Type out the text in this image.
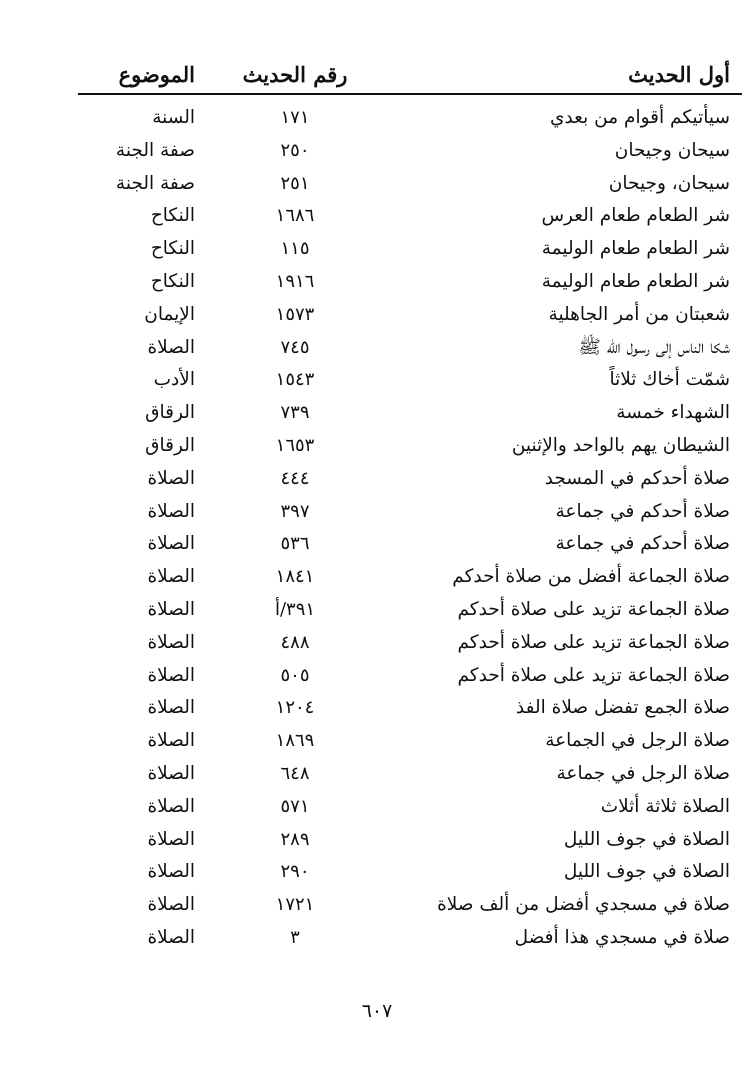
أول الحديث
رقم الحديث
الموضوع
سيأتيكم أقوام من بعدي
١٧١
السنة
سيحان وجيحان
٢٥٠
صفة الجنة
سيحان، وجيحان
٢٥١
صفة الجنة
شر الطعام طعام العرس
١٦٨٦
النكاح
شر الطعام طعام الوليمة
١١٥
النكاح
شر الطعام طعام الوليمة
١٩١٦
النكاح
شعبتان من أمر الجاهلية
١٥٧٣
الإيمان
شكا الناس إلى رسول الله ﷺ
٧٤٥
الصلاة
شمّت أخاك ثلاثاً
١٥٤٣
الأدب
الشهداء خمسة
٧٣٩
الرقاق
الشيطان يهم بالواحد والإثنين
١٦٥٣
الرقاق
صلاة أحدكم في المسجد
٤٤٤
الصلاة
صلاة أحدكم في جماعة
٣٩٧
الصلاة
صلاة أحدكم في جماعة
٥٣٦
الصلاة
صلاة الجماعة أفضل من صلاة أحدكم
١٨٤١
الصلاة
صلاة الجماعة تزيد على صلاة أحدكم
٣٩١/أ
الصلاة
صلاة الجماعة تزيد على صلاة أحدكم
٤٨٨
الصلاة
صلاة الجماعة تزيد على صلاة أحدكم
٥٠٥
الصلاة
صلاة الجمع تفضل صلاة الفذ
١٢٠٤
الصلاة
صلاة الرجل في الجماعة
١٨٦٩
الصلاة
صلاة الرجل في جماعة
٦٤٨
الصلاة
الصلاة ثلاثة أثلاث
٥٧١
الصلاة
الصلاة في جوف الليل
٢٨٩
الصلاة
الصلاة في جوف الليل
٢٩٠
الصلاة
صلاة في مسجدي أفضل من ألف صلاة
١٧٢١
الصلاة
صلاة في مسجدي هذا أفضل
٣
الصلاة
٦٠٧
